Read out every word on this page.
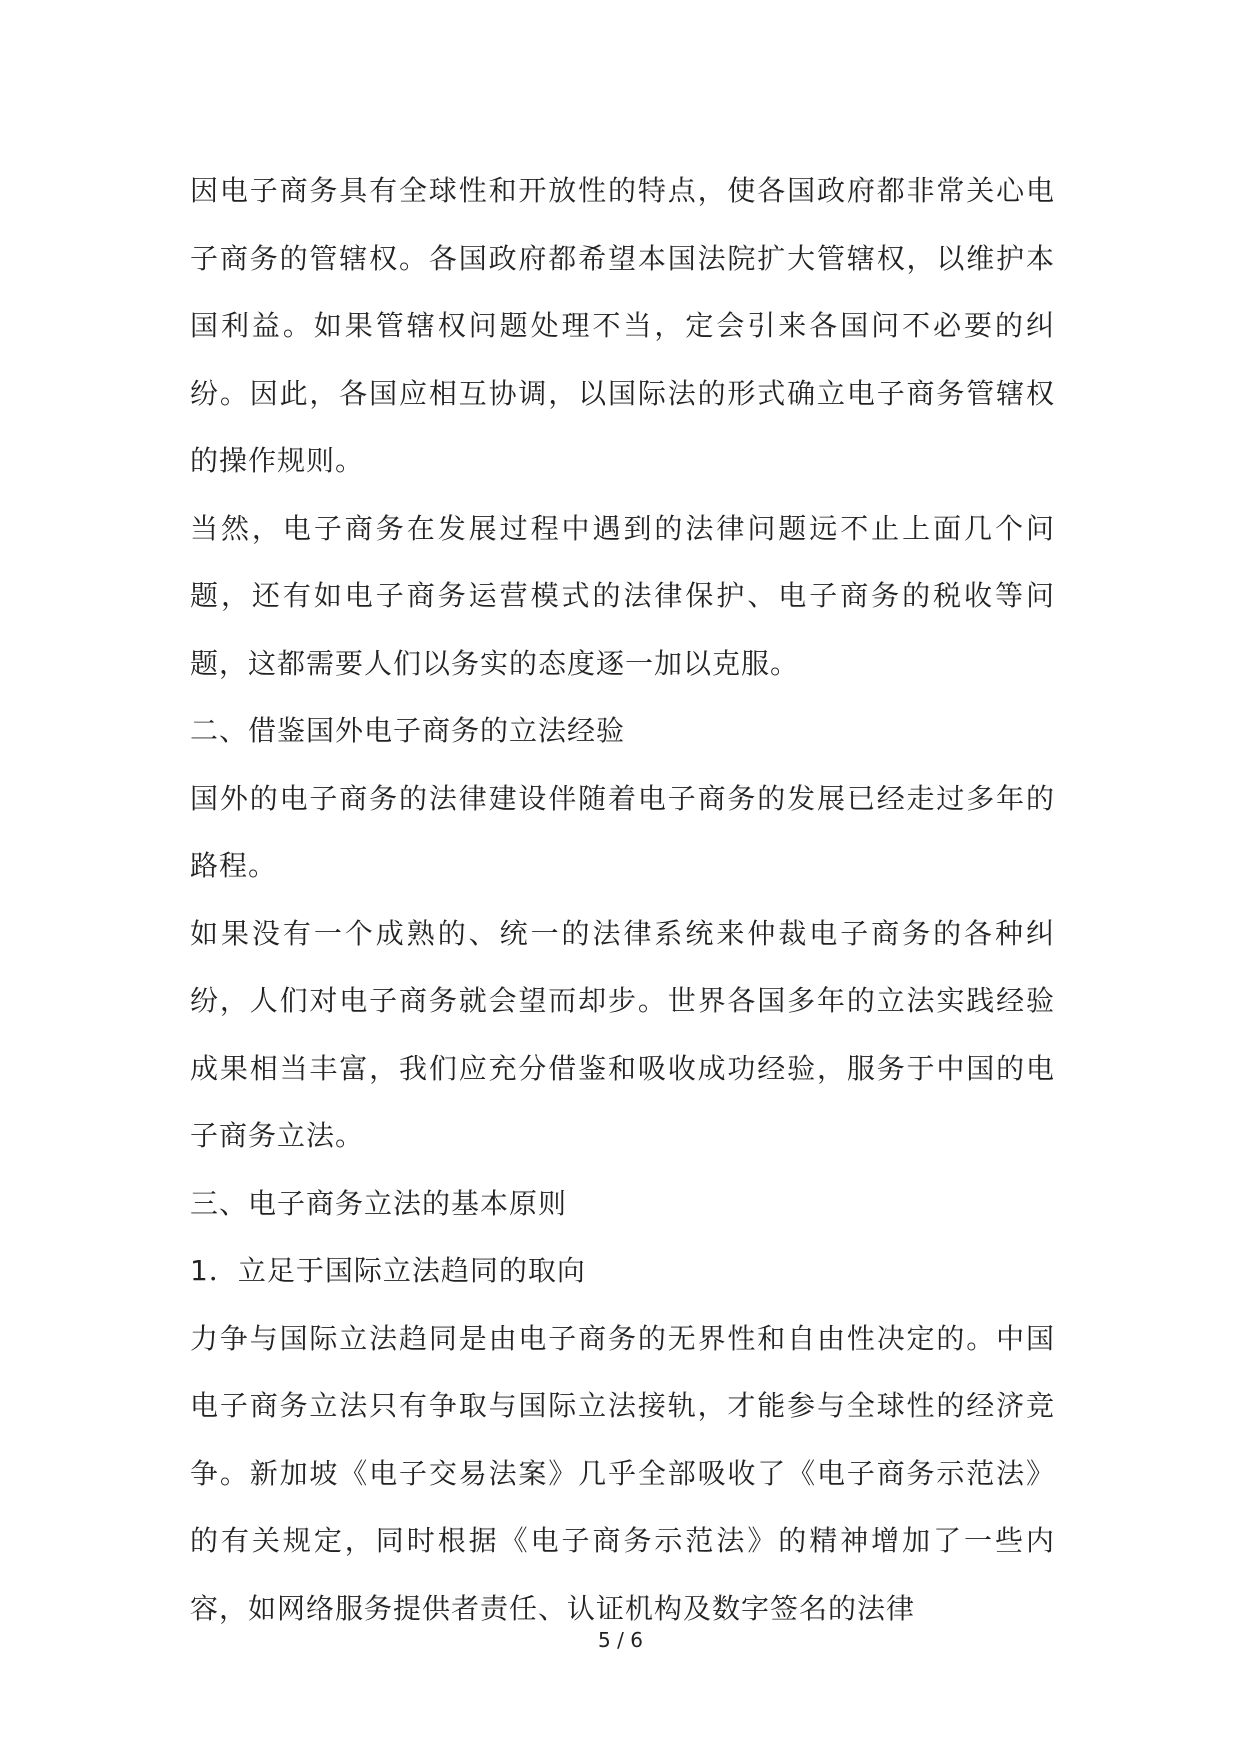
因电子商务具有全球性和开放性的特点，使各国政府都非常关心电子商务的管辖权。各国政府都希望本国法院扩大管辖权，以维护本国利益。如果管辖权问题处理不当，定会引来各国问不必要的纠纷。因此，各国应相互协调，以国际法的形式确立电子商务管辖权的操作规则。

当然，电子商务在发展过程中遇到的法律问题远不止上面几个问题，还有如电子商务运营模式的法律保护、电子商务的税收等问题，这都需要人们以务实的态度逐一加以克服。

二、借鉴国外电子商务的立法经验

国外的电子商务的法律建设伴随着电子商务的发展已经走过多年的路程。

如果没有一个成熟的、统一的法律系统来仲裁电子商务的各种纠纷，人们对电子商务就会望而却步。世界各国多年的立法实践经验成果相当丰富，我们应充分借鉴和吸收成功经验，服务于中国的电子商务立法。

三、电子商务立法的基本原则

1．立足于国际立法趋同的取向

力争与国际立法趋同是由电子商务的无界性和自由性决定的。中国电子商务立法只有争取与国际立法接轨，才能参与全球性的经济竞争。新加坡《电子交易法案》几乎全部吸收了《电子商务示范法》的有关规定，同时根据《电子商务示范法》的精神增加了一些内容，如网络服务提供者责任、认证机构及数字签名的法律

5 / 6
